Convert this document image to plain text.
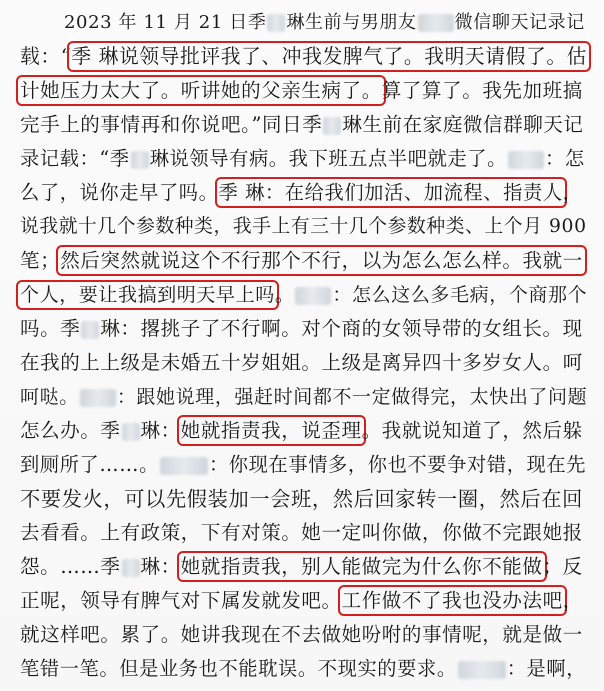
2023 年 11 月 21 日季 琳生前与男朋友 微信聊天记录记
载：“季 琳说领导批评我了、冲我发脾气了。我明天请假了。估
计她压力太大了。听讲她的父亲生病了。算了算了。我先加班搞
完手上的事情再和你说吧。”同日季 琳生前在家庭微信群聊天记
录记载：“季 琳说领导有病。我下班五点半吧就走了。 ：怎
么了，说你走早了吗。季 琳：在给我们加活、加流程、指责人，
说我就十几个参数种类，我手上有三十几个参数种类、上个月 900
笔；然后突然就说这个不行那个不行，以为怎么怎么样。我就一
个人，要让我搞到明天早上吗。 ：怎么这么多毛病，个商那个
吗。季 琳：撂挑子了不行啊。对个商的女领导带的女组长。现
在我的上上级是未婚五十岁姐姐。上级是离异四十多岁女人。呵
呵哒。 ：跟她说理，强赶时间都不一定做得完，太快出了问题
怎么办。季 琳：她就指责我，说歪理。我就说知道了，然后躲
到厕所了……。	：你现在事情多，你也不要争对错，现在先
不要发火，可以先假装加一会班，然后回家转一圈，然后在回
去看看。上有政策，下有对策。她一定叫你做，你做不完跟她报
怨。……季 琳：她就指责我，别人能做完为什么你不能做；反
正呢，领导有脾气对下属发就发吧。工作做不了我也没办法吧，
就这样吧。累了。她讲我现在不去做她吩咐的事情呢，就是做一
笔错一笔。但是业务也不能耽误。不现实的要求。	：是啊，
